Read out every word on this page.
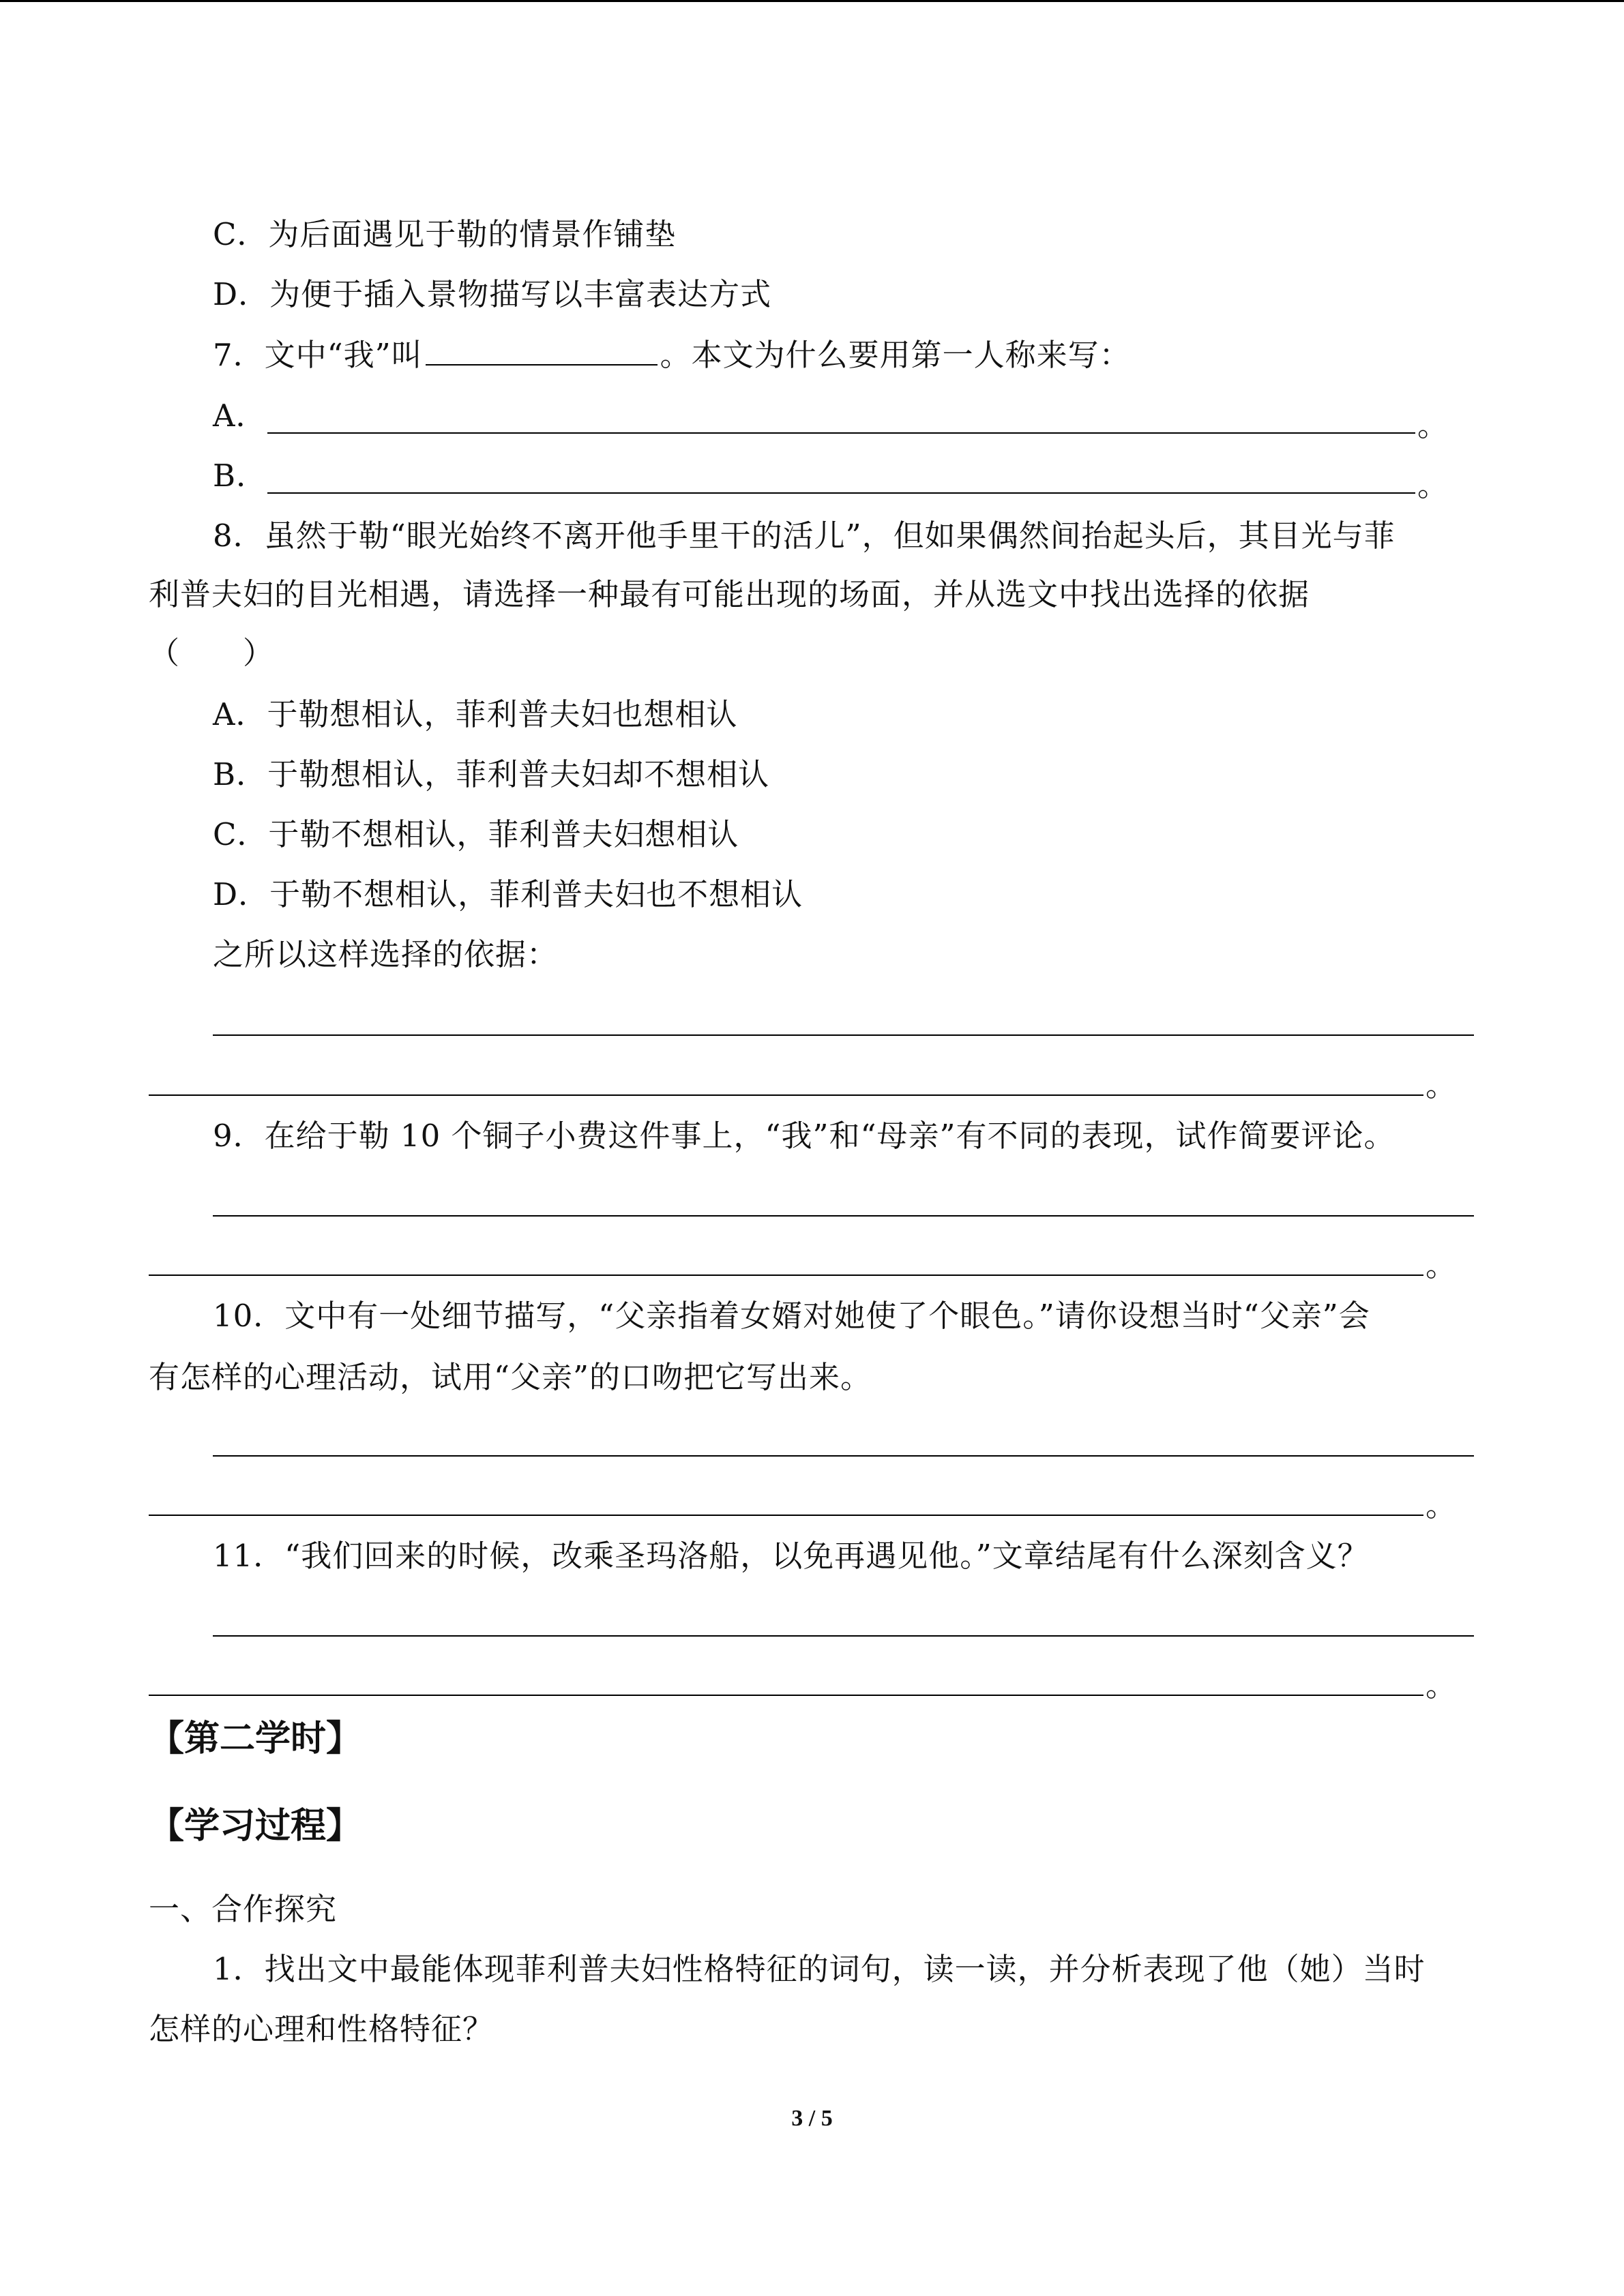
C．为后面遇见于勒的情景作铺垫
D．为便于插入景物描写以丰富表达方式
7．文中“我”叫	。本文为什么要用第一人称来写：
A．	。
B．	。
8．虽然于勒“眼光始终不离开他手里干的活儿”，但如果偶然间抬起头后，其目光与菲
利普夫妇的目光相遇，请选择一种最有可能出现的场面，并从选文中找出选择的依据
（　　）
A．于勒想相认，菲利普夫妇也想相认
B．于勒想相认，菲利普夫妇却不想相认
C．于勒不想相认，菲利普夫妇想相认
D．于勒不想相认，菲利普夫妇也不想相认
之所以这样选择的依据：
。
9．在给于勒 10 个铜子小费这件事上，“我”和“母亲”有不同的表现，试作简要评论。
。
10．文中有一处细节描写，“父亲指着女婿对她使了个眼色。”请你设想当时“父亲”会
有怎样的心理活动，试用“父亲”的口吻把它写出来。
。
11．“我们回来的时候，改乘圣玛洛船，以免再遇见他。”文章结尾有什么深刻含义？
。
【第二学时】
【学习过程】
一、合作探究
1．找出文中最能体现菲利普夫妇性格特征的词句，读一读，并分析表现了他（她）当时
怎样的心理和性格特征？
3 / 5
